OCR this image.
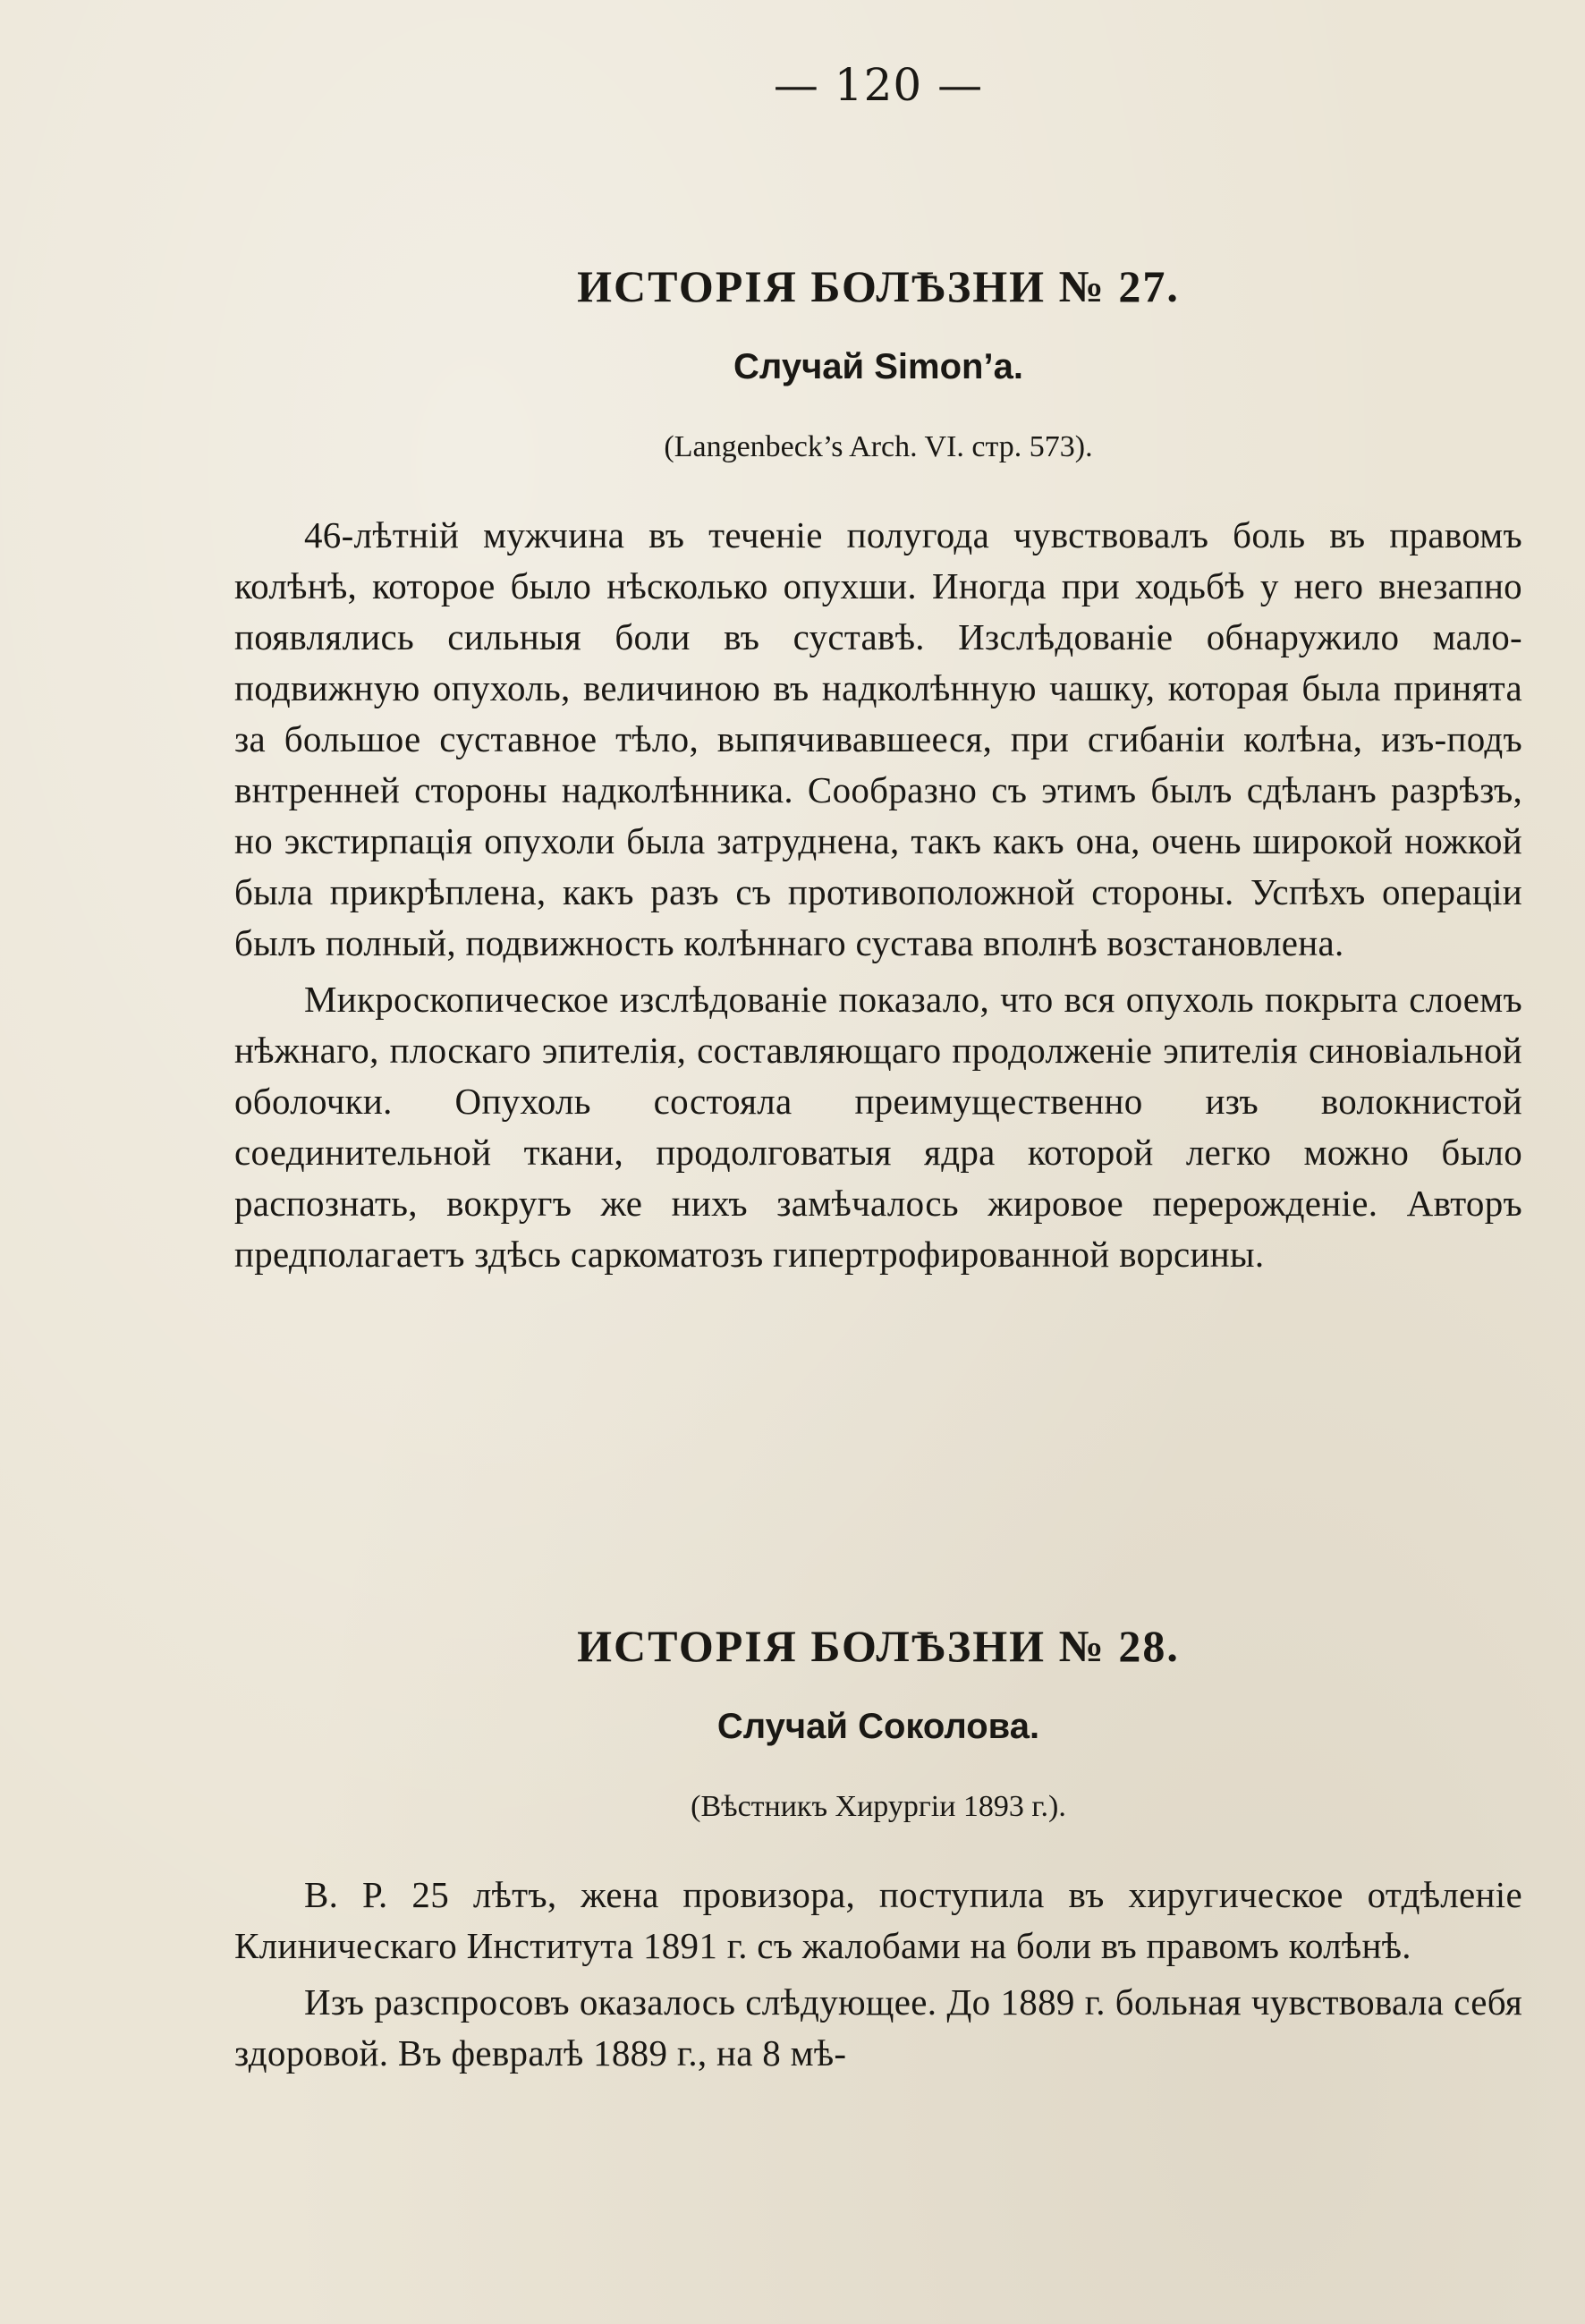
— 120 —

ИСТОРІЯ БОЛѢЗНИ № 27.
Случай Simon’a.

(Langenbeck’s Arch. VI. стр. 573).

46-лѣтній мужчина въ теченіе полугода чувствовалъ боль въ правомъ колѣнѣ, которое было нѣсколько опухши. Иногда при ходьбѣ у него внезапно появлялись сильныя боли въ суставѣ. Изслѣдованіе обнаружило мало-подвижную опухоль, величиною въ надколѣнную чашку, которая была принята за большое суставное тѣло, выпячивавшееся, при сгибаніи колѣна, изъ-подъ внтренней стороны надколѣнника. Сообразно съ этимъ былъ сдѣланъ разрѣзъ, но экстирпація опухоли была затруднена, такъ какъ она, очень широкой ножкой была прикрѣплена, какъ разъ съ противоположной стороны. Успѣхъ операціи былъ полный, подвижность колѣннаго сустава вполнѣ возстановлена.

Микроскопическое изслѣдованіе показало, что вся опухоль покрыта слоемъ нѣжнаго, плоскаго эпителія, составляющаго продолженіе эпителія синовіальной оболочки. Опухоль состояла преимущественно изъ волокнистой соединительной ткани, продолговатыя ядра которой легко можно было распознать, вокругъ же нихъ замѣчалось жировое перерожденіе. Авторъ предполагаетъ здѣсь саркоматозъ гипертрофированной ворсины.

ИСТОРІЯ БОЛѢЗНИ № 28.
Случай Соколова.

(Вѣстникъ Хирургіи 1893 г.).

В. Р. 25 лѣтъ, жена провизора, поступила въ хиругическое отдѣленіе Клиническаго Института 1891 г. съ жалобами на боли въ правомъ колѣнѣ.

Изъ разспросовъ оказалось слѣдующее. До 1889 г. больная чувствовала себя здоровой. Въ февралѣ 1889 г., на 8 мѣ-
